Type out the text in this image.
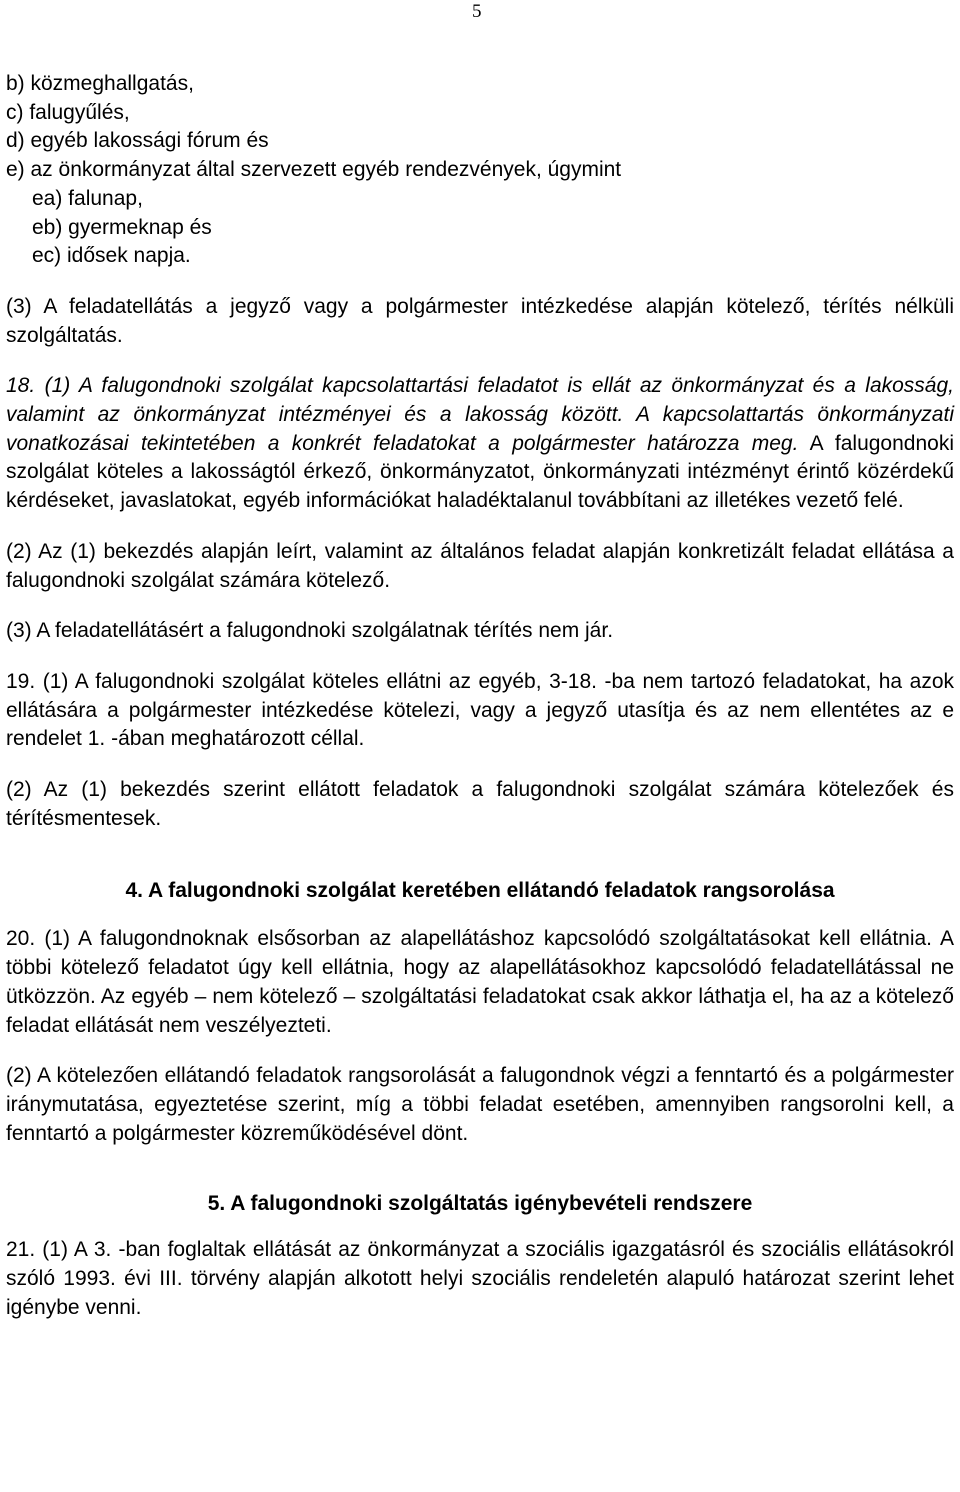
5
b) közmeghallgatás,
c) falugyűlés,
d) egyéb lakossági fórum és
e) az önkormányzat által szervezett egyéb rendezvények, úgymint
ea) falunap,
eb) gyermeknap és
ec) idősek napja.

(3) A feladatellátás a jegyző vagy a polgármester intézkedése alapján kötelező, térítés nélküli szolgáltatás.

18. (1) A falugondnoki szolgálat kapcsolattartási feladatot is ellát az önkormányzat és a lakosság, valamint az önkormányzat intézményei és a lakosság között. A kapcsolattartás önkormányzati vonatkozásai tekintetében a konkrét feladatokat a polgármester határozza meg. A falugondnoki szolgálat köteles a lakosságtól érkező, önkormányzatot, önkormányzati intézményt érintő közérdekű kérdéseket, javaslatokat, egyéb információkat haladéktalanul továbbítani az illetékes vezető felé.

(2) Az (1) bekezdés alapján leírt, valamint az általános feladat alapján konkretizált feladat ellátása a falugondnoki szolgálat számára kötelező.

(3) A feladatellátásért a falugondnoki szolgálatnak térítés nem jár.

19. (1) A falugondnoki szolgálat köteles ellátni az egyéb, 3-18. -ba nem tartozó feladatokat, ha azok ellátására a polgármester intézkedése kötelezi, vagy a jegyző utasítja és az nem ellentétes az e rendelet 1. -ában meghatározott céllal.

(2) Az (1) bekezdés szerint ellátott feladatok a falugondnoki szolgálat számára kötelezőek és térítésmentesek.

4. A falugondnoki szolgálat keretében ellátandó feladatok rangsorolása

20. (1) A falugondnoknak elsősorban az alapellátáshoz kapcsolódó szolgáltatásokat kell ellátnia. A többi kötelező feladatot úgy kell ellátnia, hogy az alapellátásokhoz kapcsolódó feladatellátással ne ütközzön. Az egyéb – nem kötelező – szolgáltatási feladatokat csak akkor láthatja el, ha az a kötelező feladat ellátását nem veszélyezteti.

(2) A kötelezően ellátandó feladatok rangsorolását a falugondnok végzi a fenntartó és a polgármester iránymutatása, egyeztetése szerint, míg a többi feladat esetében, amennyiben rangsorolni kell, a fenntartó a polgármester közreműködésével dönt.

5. A falugondnoki szolgáltatás igénybevételi rendszere

21. (1) A 3. -ban foglaltak ellátását az önkormányzat a szociális igazgatásról és szociális ellátásokról szóló 1993. évi III. törvény alapján alkotott helyi szociális rendeletén alapuló határozat szerint lehet igénybe venni.
